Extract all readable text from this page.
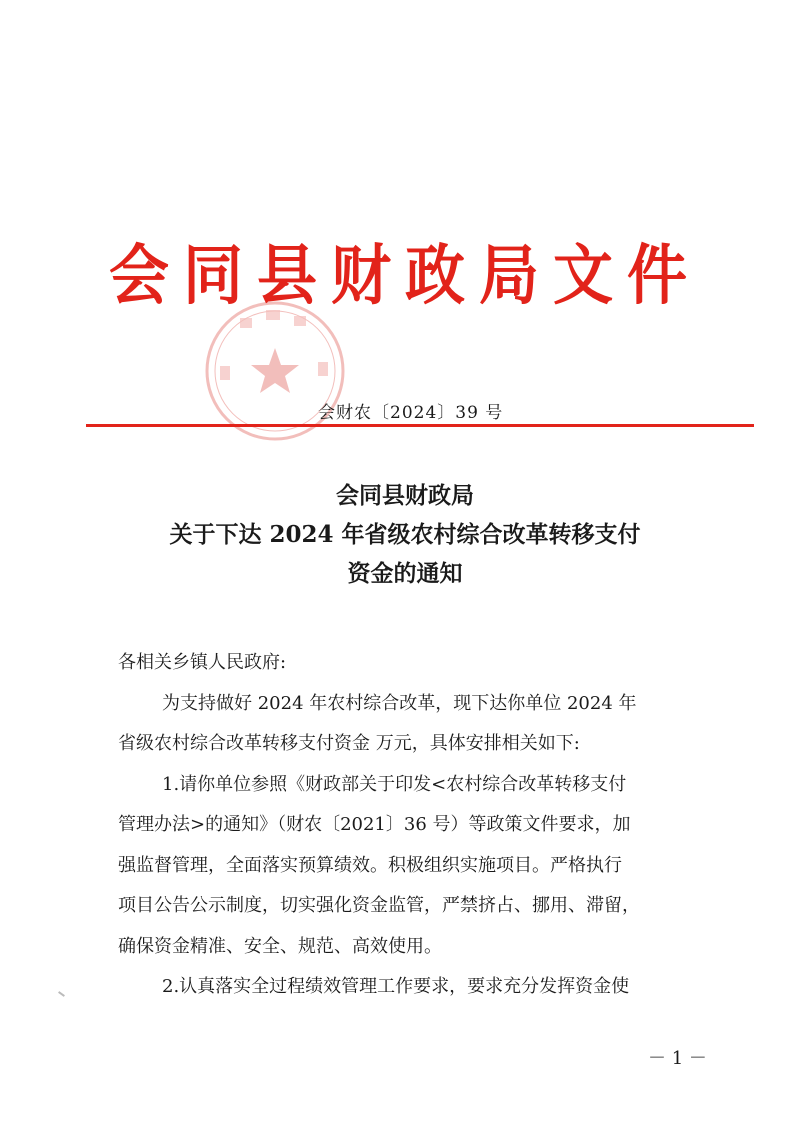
会同县财政局文件
会财农〔2024〕39 号
会同县财政局
关于下达 2024 年省级农村综合改革转移支付
资金的通知

各相关乡镇人民政府:

为支持做好 2024 年农村综合改革，现下达你单位 2024 年

省级农村综合改革转移支付资金 万元，具体安排相关如下:

1.请你单位参照《财政部关于印发<农村综合改革转移支付

管理办法>的通知》（财农〔2021〕36 号）等政策文件要求，加

强监督管理，全面落实预算绩效。积极组织实施项目。严格执行

项目公告公示制度，切实强化资金监管，严禁挤占、挪用、滞留，

确保资金精准、安全、规范、高效使用。

2.认真落实全过程绩效管理工作要求，要求充分发挥资金使

－ 1 －
